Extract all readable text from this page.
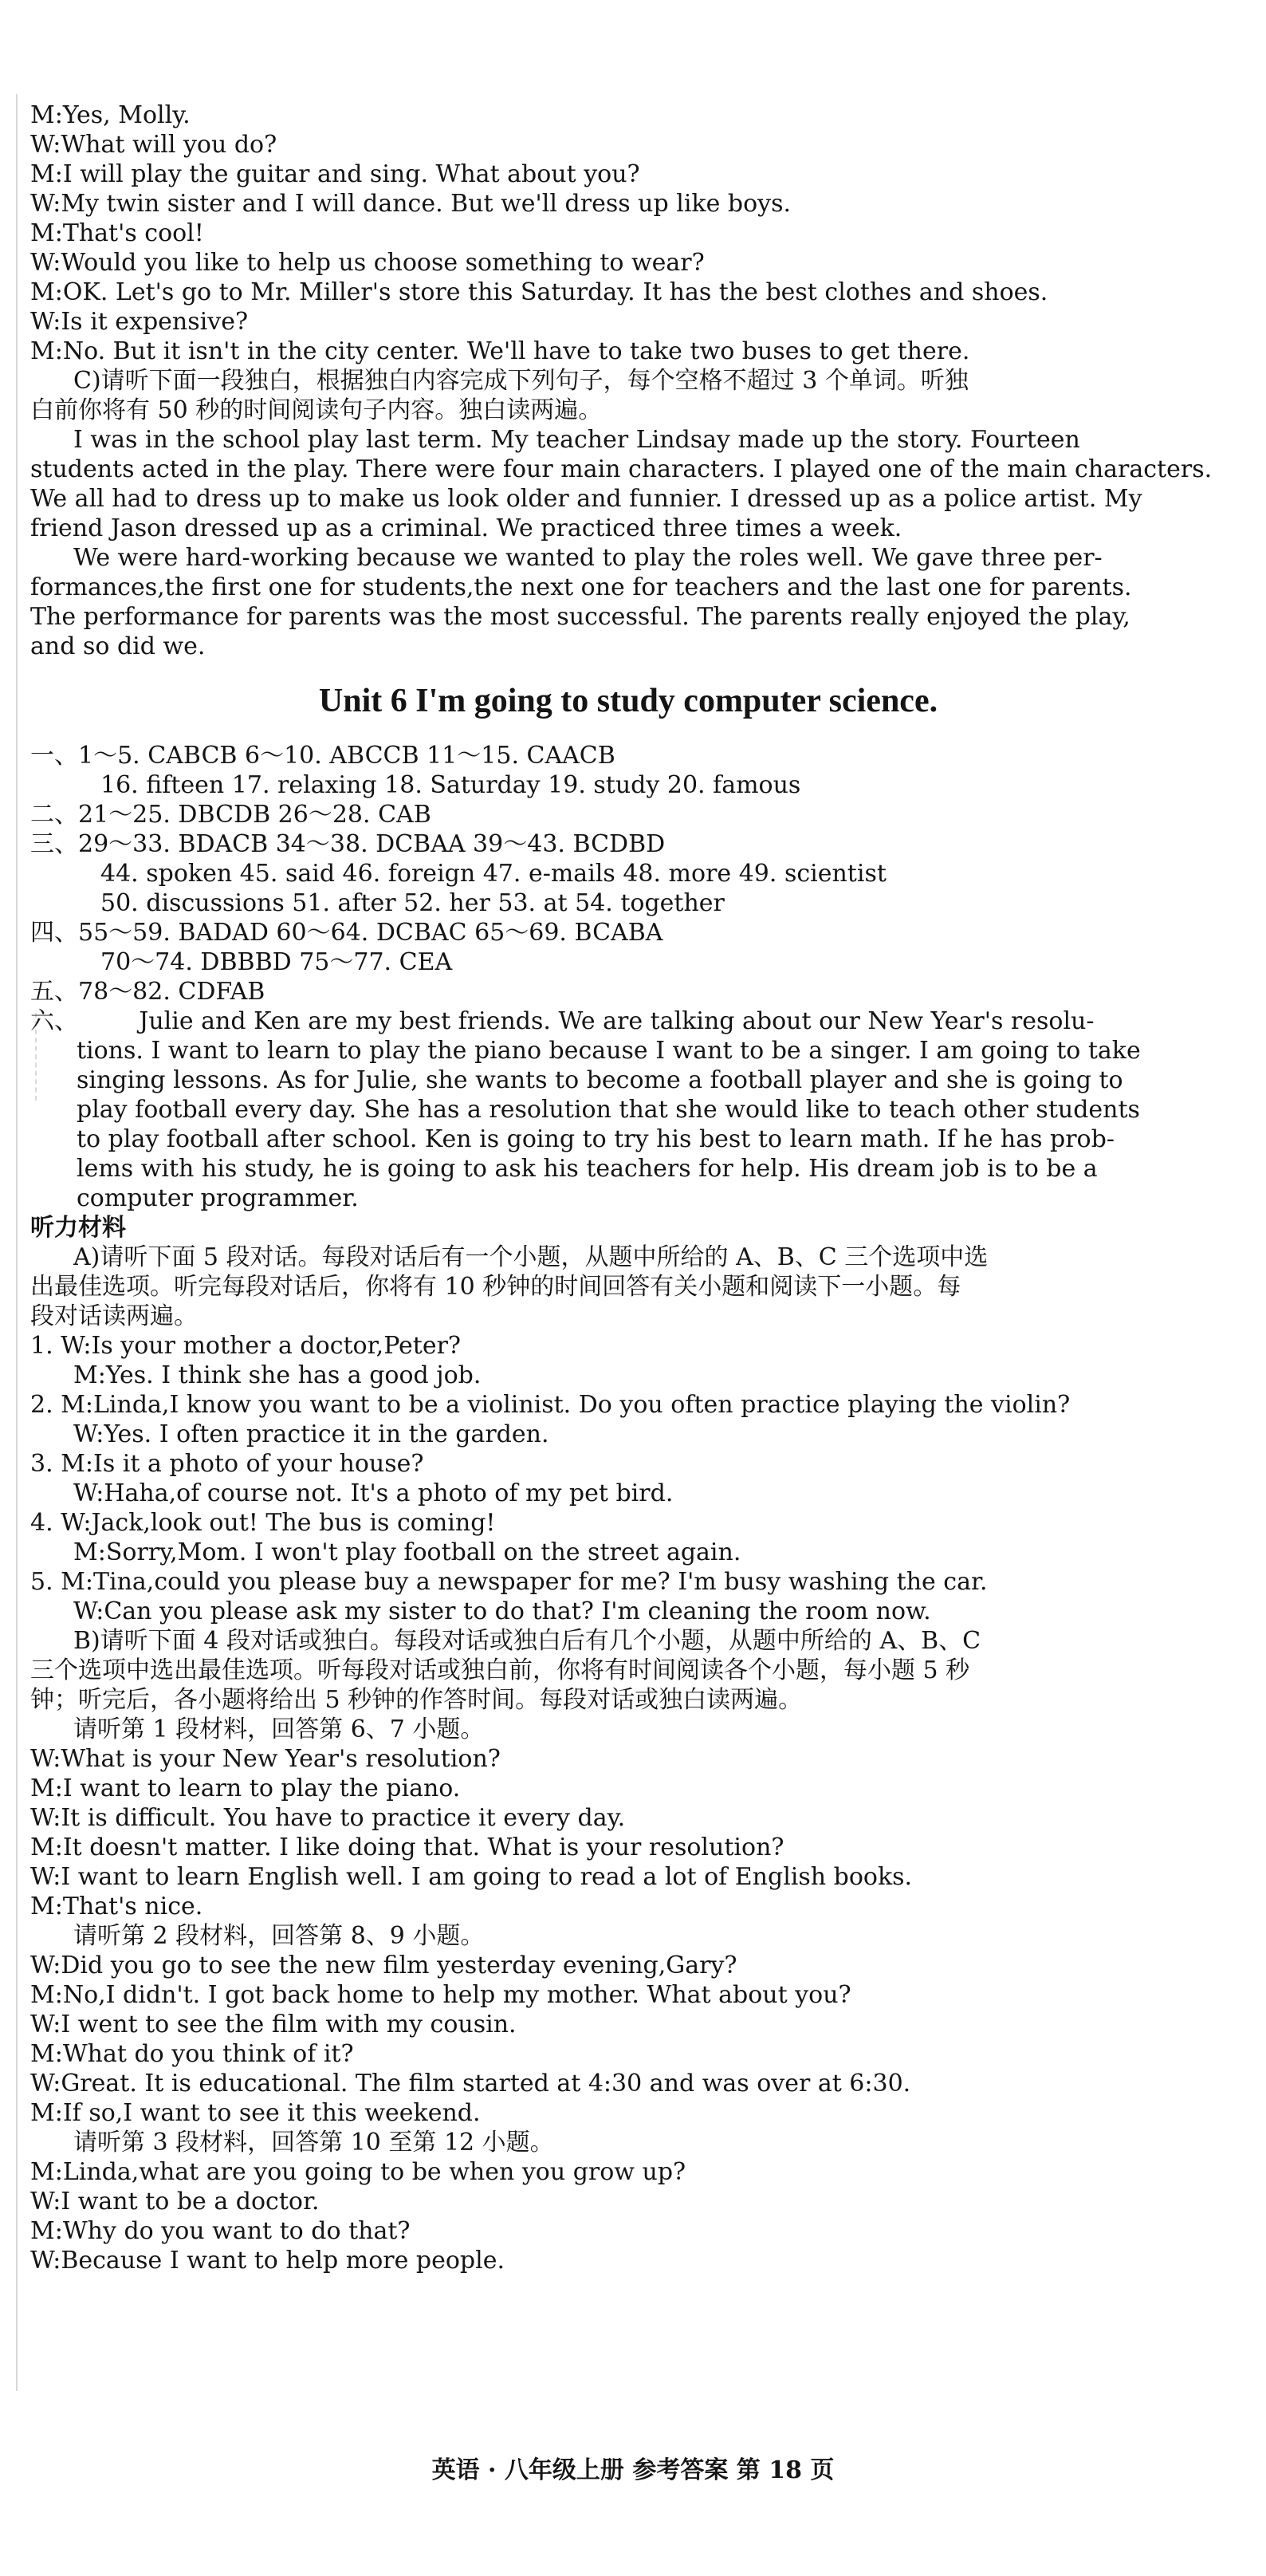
M:Yes, Molly.
W:What will you do?
M:I will play the guitar and sing. What about you?
W:My twin sister and I will dance. But we'll dress up like boys.
M:That's cool!
W:Would you like to help us choose something to wear?
M:OK. Let's go to Mr. Miller's store this Saturday. It has the best clothes and shoes.
W:Is it expensive?
M:No. But it isn't in the city center. We'll have to take two buses to get there.
C)请听下面一段独白，根据独白内容完成下列句子，每个空格不超过 3 个单词。听独
白前你将有 50 秒的时间阅读句子内容。独白读两遍。
I was in the school play last term. My teacher Lindsay made up the story. Fourteen
students acted in the play. There were four main characters. I played one of the main characters.
We all had to dress up to make us look older and funnier. I dressed up as a police artist. My
friend Jason dressed up as a criminal. We practiced three times a week.
We were hard-working because we wanted to play the roles well. We gave three per-
formances,the first one for students,the next one for teachers and the last one for parents.
The performance for parents was the most successful. The parents really enjoyed the play,
and so did we.
Unit 6 I'm going to study computer science.
一、1～5. CABCB 6～10. ABCCB 11～15. CAACB
16. fifteen 17. relaxing 18. Saturday 19. study 20. famous
二、21～25. DBCDB 26～28. CAB
三、29～33. BDACB 34～38. DCBAA 39～43. BCDBD
44. spoken 45. said 46. foreign 47. e-mails 48. more 49. scientist
50. discussions 51. after 52. her 53. at 54. together
四、55～59. BADAD 60～64. DCBAC 65～69. BCABA
70～74. DBBBD 75～77. CEA
五、78～82. CDFAB
六、        Julie and Ken are my best friends. We are talking about our New Year's resolu-
tions. I want to learn to play the piano because I want to be a singer. I am going to take
singing lessons. As for Julie, she wants to become a football player and she is going to
play football every day. She has a resolution that she would like to teach other students
to play football after school. Ken is going to try his best to learn math. If he has prob-
lems with his study, he is going to ask his teachers for help. His dream job is to be a
computer programmer.
听力材料
A)请听下面 5 段对话。每段对话后有一个小题，从题中所给的 A、B、C 三个选项中选
出最佳选项。听完每段对话后，你将有 10 秒钟的时间回答有关小题和阅读下一小题。每
段对话读两遍。
1. W:Is your mother a doctor,Peter?
M:Yes. I think she has a good job.
2. M:Linda,I know you want to be a violinist. Do you often practice playing the violin?
W:Yes. I often practice it in the garden.
3. M:Is it a photo of your house?
W:Haha,of course not. It's a photo of my pet bird.
4. W:Jack,look out! The bus is coming!
M:Sorry,Mom. I won't play football on the street again.
5. M:Tina,could you please buy a newspaper for me? I'm busy washing the car.
W:Can you please ask my sister to do that? I'm cleaning the room now.
B)请听下面 4 段对话或独白。每段对话或独白后有几个小题，从题中所给的 A、B、C
三个选项中选出最佳选项。听每段对话或独白前，你将有时间阅读各个小题，每小题 5 秒
钟；听完后，各小题将给出 5 秒钟的作答时间。每段对话或独白读两遍。
请听第 1 段材料，回答第 6、7 小题。
W:What is your New Year's resolution?
M:I want to learn to play the piano.
W:It is difficult. You have to practice it every day.
M:It doesn't matter. I like doing that. What is your resolution?
W:I want to learn English well. I am going to read a lot of English books.
M:That's nice.
请听第 2 段材料，回答第 8、9 小题。
W:Did you go to see the new film yesterday evening,Gary?
M:No,I didn't. I got back home to help my mother. What about you?
W:I went to see the film with my cousin.
M:What do you think of it?
W:Great. It is educational. The film started at 4:30 and was over at 6:30.
M:If so,I want to see it this weekend.
请听第 3 段材料，回答第 10 至第 12 小题。
M:Linda,what are you going to be when you grow up?
W:I want to be a doctor.
M:Why do you want to do that?
W:Because I want to help more people.
英语 · 八年级上册 参考答案 第 18 页
